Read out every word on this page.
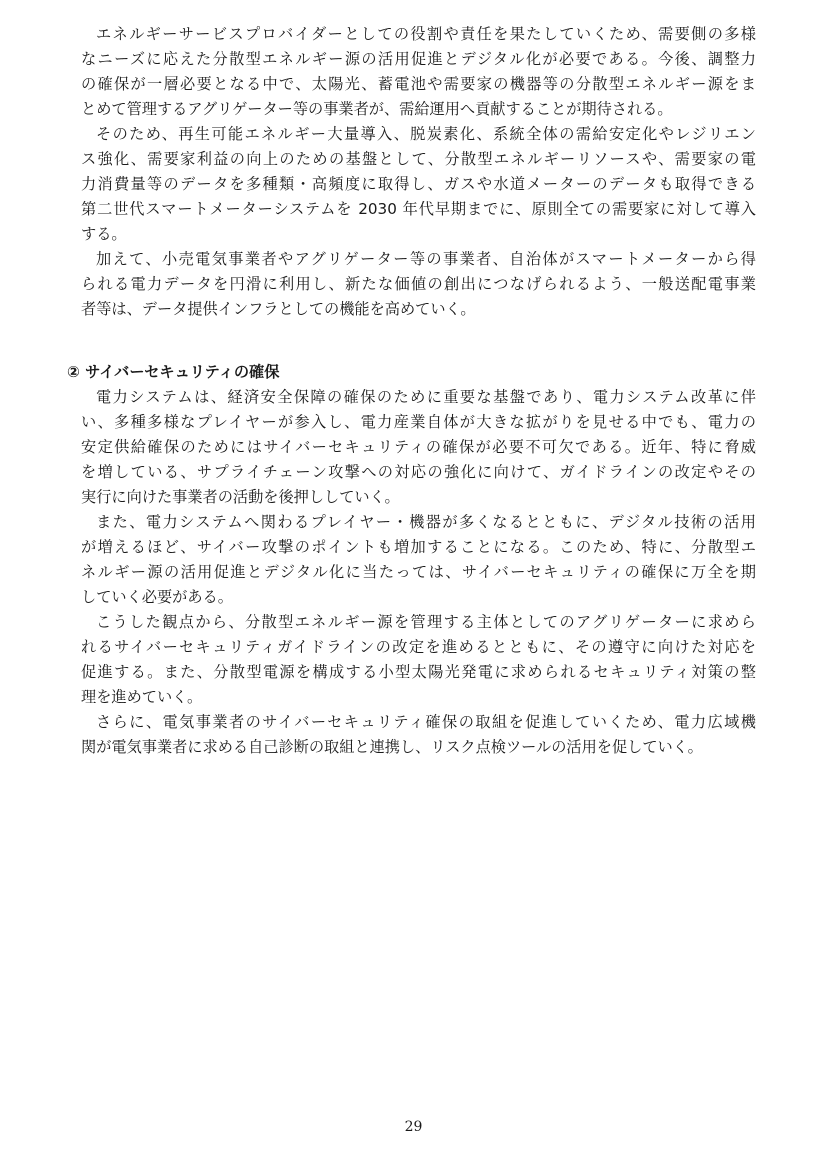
エネルギーサービスプロバイダーとしての役割や責任を果たしていくため、需要側の多様
なニーズに応えた分散型エネルギー源の活用促進とデジタル化が必要である。今後、調整力
の確保が一層必要となる中で、太陽光、蓄電池や需要家の機器等の分散型エネルギー源をま
とめて管理するアグリゲーター等の事業者が、需給運用へ貢献することが期待される。
そのため、再生可能エネルギー大量導入、脱炭素化、系統全体の需給安定化やレジリエン
ス強化、需要家利益の向上のための基盤として、分散型エネルギーリソースや、需要家の電
力消費量等のデータを多種類・高頻度に取得し、ガスや水道メーターのデータも取得できる
第二世代スマートメーターシステムを 2030 年代早期までに、原則全ての需要家に対して導入
する。
加えて、小売電気事業者やアグリゲーター等の事業者、自治体がスマートメーターから得
られる電力データを円滑に利用し、新たな価値の創出につなげられるよう、一般送配電事業
者等は、データ提供インフラとしての機能を高めていく。
② サイバーセキュリティの確保
電力システムは、経済安全保障の確保のために重要な基盤であり、電力システム改革に伴
い、多種多様なプレイヤーが参入し、電力産業自体が大きな拡がりを見せる中でも、電力の
安定供給確保のためにはサイバーセキュリティの確保が必要不可欠である。近年、特に脅威
を増している、サプライチェーン攻撃への対応の強化に向けて、ガイドラインの改定やその
実行に向けた事業者の活動を後押ししていく。
また、電力システムへ関わるプレイヤー・機器が多くなるとともに、デジタル技術の活用
が増えるほど、サイバー攻撃のポイントも増加することになる。このため、特に、分散型エ
ネルギー源の活用促進とデジタル化に当たっては、サイバーセキュリティの確保に万全を期
していく必要がある。
こうした観点から、分散型エネルギー源を管理する主体としてのアグリゲーターに求めら
れるサイバーセキュリティガイドラインの改定を進めるとともに、その遵守に向けた対応を
促進する。また、分散型電源を構成する小型太陽光発電に求められるセキュリティ対策の整
理を進めていく。
さらに、電気事業者のサイバーセキュリティ確保の取組を促進していくため、電力広域機
関が電気事業者に求める自己診断の取組と連携し、リスク点検ツールの活用を促していく。
29
